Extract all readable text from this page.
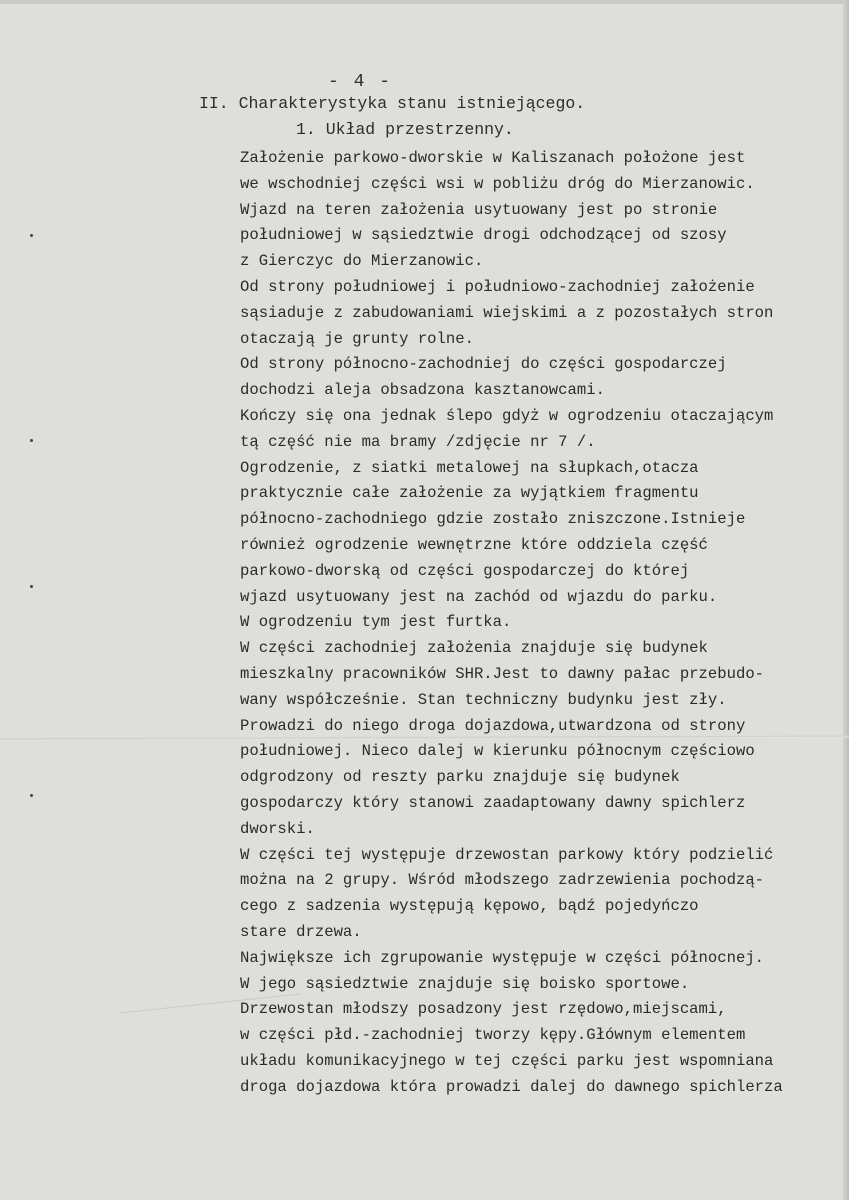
- 4 -
II. Charakterystyka stanu istniejącego.
1. Układ przestrzenny.
Założenie parkowo-dworskie w Kaliszanach położone jest
we wschodniej części wsi w pobliżu dróg do Mierzanowic.
Wjazd na teren założenia usytuowany jest po stronie
południowej w sąsiedztwie drogi odchodzącej od szosy
z Gierczyc do Mierzanowic.
Od strony południowej i południowo-zachodniej założenie
sąsiaduje z zabudowaniami wiejskimi a z pozostałych stron
otaczają je grunty rolne.
Od strony północno-zachodniej do części gospodarczej
dochodzi aleja obsadzona kasztanowcami.
Kończy się ona jednak ślepo gdyż w ogrodzeniu otaczającym
tą część nie ma bramy /zdjęcie nr 7 /.
Ogrodzenie, z siatki metalowej na słupkach,otacza
praktycznie całe założenie za wyjątkiem fragmentu
północno-zachodniego gdzie zostało zniszczone.Istnieje
również ogrodzenie wewnętrzne które oddziela część
parkowo-dworską od części gospodarczej do której
wjazd usytuowany jest na zachód od wjazdu do parku.
W ogrodzeniu tym jest furtka.
W części zachodniej założenia znajduje się budynek
mieszkalny pracowników SHR.Jest to dawny pałac przebudo-
wany współcześnie. Stan techniczny budynku jest zły.
Prowadzi do niego droga dojazdowa,utwardzona od strony
południowej. Nieco dalej w kierunku północnym częściowo
odgrodzony od reszty parku znajduje się budynek
gospodarczy który stanowi zaadaptowany dawny spichlerz
dworski.
W części tej występuje drzewostan parkowy który podzielić
można na 2 grupy. Wśród młodszego zadrzewienia pochodzą-
cego z sadzenia występują kępowo, bądź pojedyńczo
stare drzewa.
Największe ich zgrupowanie występuje w części północnej.
W jego sąsiedztwie znajduje się boisko sportowe.
Drzewostan młodszy posadzony jest rzędowo,miejscami,
w części płd.-zachodniej tworzy kępy.Głównym elementem
układu komunikacyjnego w tej części parku jest wspomniana
droga dojazdowa która prowadzi dalej do dawnego spichlerza
